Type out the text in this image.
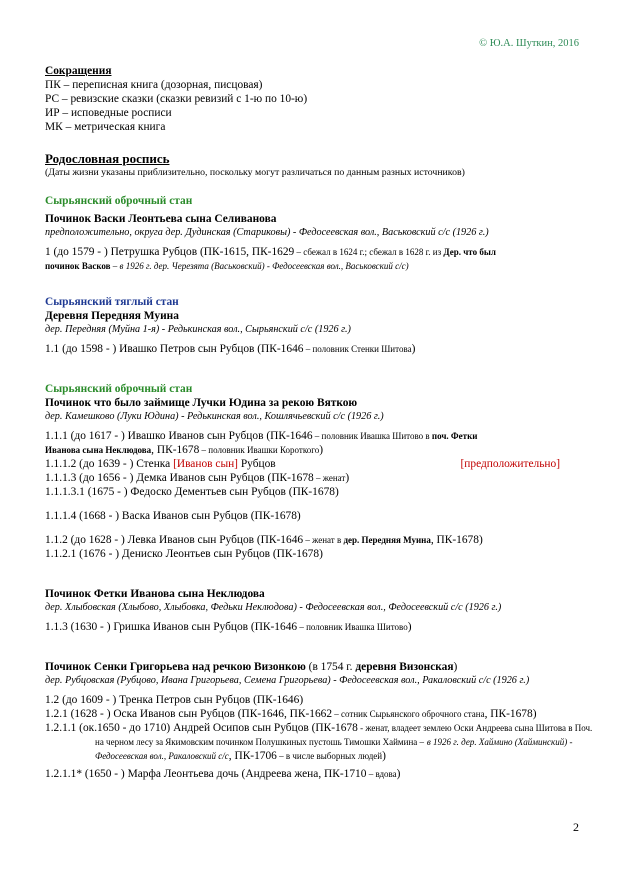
© Ю.А. Шуткин, 2016

Сокращения

ПК – переписная книга (дозорная, писцовая)

РС – ревизские сказки (сказки ревизий с 1-ю по 10-ю)

ИР – исповедные росписи

МК – метрическая книга

Родословная роспись

(Даты жизни указаны приблизительно, поскольку могут различаться по данным разных источников)

Сырьянский оброчный стан

Починок Васки Леонтьева сына Селиванова

предположительно, округа дер. Дудинская (Стариковы) - Федосеевская вол., Васьковский с/с (1926 г.)

1 (до 1579 - ) Петрушка Рубцов (ПК-1615, ПК-1629 – сбежал в 1624 г.; сбежал в 1628 г. из Дер. что был
починок Васков – в 1926 г. дер. Черезята (Васьковский) - Федосеевская вол., Васьковский с/с)

Сырьянский тяглый стан

Деревня Передняя Муина

дер. Передняя (Муйна 1-я) - Редькинская вол., Сырьянский с/с (1926 г.)

1.1 (до 1598 - ) Ивашко Петров сын Рубцов (ПК-1646 – половник Стенки Шитова)

Сырьянский оброчный стан

Починок что было займище Лучки Юдина за рекою Вяткою

дер. Камешково (Луки Юдина) - Редькинская вол., Кошлячьевский с/с (1926 г.)

1.1.1 (до 1617 - ) Ивашко Иванов сын Рубцов (ПК-1646 – половник Ивашка Шитово в поч. Фетки
Иванова сына Неклюдова, ПК-1678 – половник Ивашки Короткого)

1.1.1.2 (до 1639 - ) Стенка [Иванов сын] Рубцов	[предположительно]

1.1.1.3 (до 1656 - ) Демка Иванов сын Рубцов (ПК-1678 – женат)

1.1.1.3.1 (1675 - ) Федоско Дементьев сын Рубцов (ПК-1678)

1.1.1.4 (1668 - ) Васка Иванов сын Рубцов (ПК-1678)

1.1.2 (до 1628 - ) Левка Иванов сын Рубцов (ПК-1646 – женат в дер. Передняя Муина, ПК-1678)

1.1.2.1 (1676 - ) Дениско Леонтьев сын Рубцов (ПК-1678)

Починок Фетки Иванова сына Неклюдова

дер. Хлыбовская (Хлыбово, Хлыбовка, Федьки Неклюдова) - Федосеевская вол., Федосеевский с/с (1926 г.)

1.1.3 (1630 - ) Гришка Иванов сын Рубцов (ПК-1646 – половник Ивашка Шитово)

Починок Сенки Григорьева над речкою Визонкою (в 1754 г. деревня Визонская)

дер. Рубцовская (Рубцово, Ивана Григорьева, Семена Григорьева) - Федосеевская вол., Ракаловский с/с (1926 г.)

1.2 (до 1609 - ) Тренка Петров сын Рубцов (ПК-1646)

1.2.1 (1628 - ) Оска Иванов сын Рубцов (ПК-1646, ПК-1662 – сотник Сырьянского оброчного стана, ПК-1678)

1.2.1.1 (ок.1650 - до 1710) Андрей Осипов сын Рубцов (ПК-1678 - женат, владеет землею Оски Андреева сына Шитова в Поч. на черном лесу за Якимовским починком Полушкиных пустошь Тимошки Хаймина – в 1926 г. дер. Хаймино (Хайминский) - Федосеевская вол., Ракаловский с/с, ПК-1706 – в числе выборных людей)

1.2.1.1* (1650 - ) Марфа Леонтьева дочь (Андреева жена, ПК-1710 – вдова)

2
